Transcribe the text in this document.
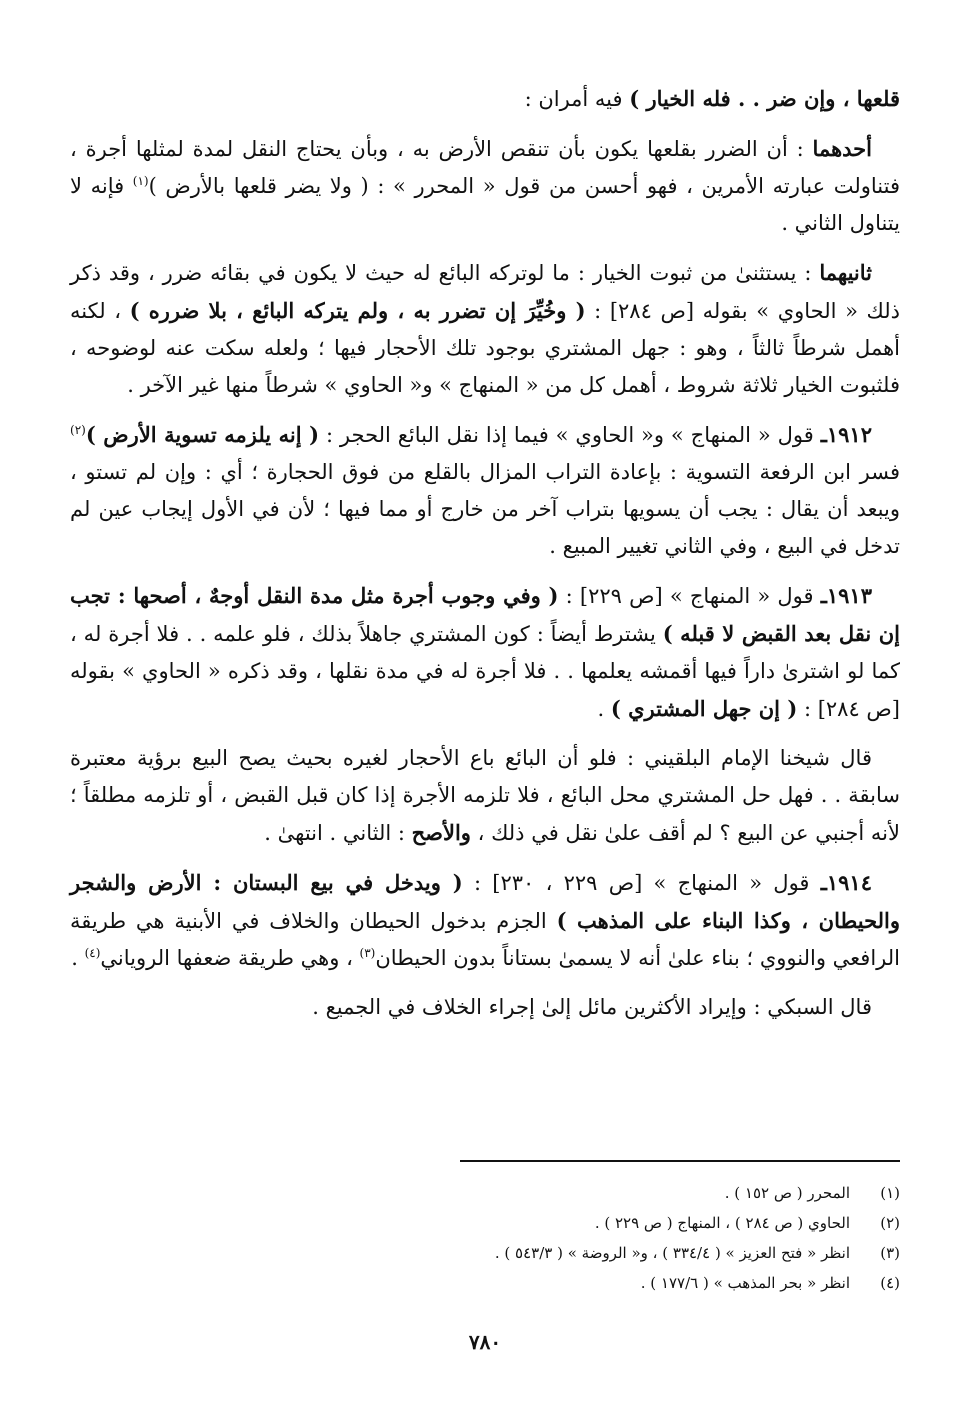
قلعها ، وإن ضر . . فله الخيار ) فيه أمران :

أحدهما : أن الضرر بقلعها يكون بأن تنقص الأرض به ، وبأن يحتاج النقل لمدة لمثلها أجرة ، فتناولت عبارته الأمرين ، فهو أحسن من قول « المحرر » : ( ولا يضر قلعها بالأرض )$^{(١)}$ فإنه لا يتناول الثاني .

ثانيهما : يستثنىٰ من ثبوت الخيار : ما لوتركه البائع له حيث لا يكون في بقائه ضرر ، وقد ذكر ذلك « الحاوي » بقوله [ص ٢٨٤] : ( وخُيِّرَ إن تضرر به ، ولم يتركه البائع ، بلا ضرره ) ، لكنه أهمل شرطاً ثالثاً ، وهو : جهل المشتري بوجود تلك الأحجار فيها ؛ ولعله سكت عنه لوضوحه ، فلثبوت الخيار ثلاثة شروط ، أهمل كل من « المنهاج » و« الحاوي » شرطاً منها غير الآخر .

١٩١٢ـ قول « المنهاج » و« الحاوي » فيما إذا نقل البائع الحجر : ( إنه يلزمه تسوية الأرض )$^{(٢)}$ فسر ابن الرفعة التسوية : بإعادة التراب المزال بالقلع من فوق الحجارة ؛ أي : وإن لم تستو ، ويبعد أن يقال : يجب أن يسويها بتراب آخر من خارج أو مما فيها ؛ لأن في الأول إيجاب عين لم تدخل في البيع ، وفي الثاني تغيير المبيع .

١٩١٣ـ قول « المنهاج » [ص ٢٢٩] : ( وفي وجوب أجرة مثل مدة النقل أوجهٌ ، أصحها : تجب إن نقل بعد القبض لا قبله ) يشترط أيضاً : كون المشتري جاهلاً بذلك ، فلو علمه . . فلا أجرة له ، كما لو اشترىٰ داراً فيها أقمشه يعلمها . . فلا أجرة له في مدة نقلها ، وقد ذكره « الحاوي » بقوله [ص ٢٨٤] : ( إن جهل المشتري ) .

قال شيخنا الإمام البلقيني : فلو أن البائع باع الأحجار لغيره بحيث يصح البيع برؤية معتبرة سابقة . . فهل حل المشتري محل البائع ، فلا تلزمه الأجرة إذا كان قبل القبض ، أو تلزمه مطلقاً ؛ لأنه أجنبي عن البيع ؟ لم أقف علىٰ نقل في ذلك ، والأصح : الثاني . انتهىٰ .

١٩١٤ـ قول « المنهاج » [ص ٢٢٩ ، ٢٣٠] : ( ويدخل في بيع البستان : الأرض والشجر والحيطان ، وكذا البناء على المذهب ) الجزم بدخول الحيطان والخلاف في الأبنية هي طريقة الرافعي والنووي ؛ بناء علىٰ أنه لا يسمىٰ بستاناً بدون الحيطان$^{(٣)}$ ، وهي طريقة ضعفها الروياني$^{(٤)}$ .

قال السبكي : وإيراد الأكثرين مائل إلىٰ إجراء الخلاف في الجميع .

(١)
المحرر ( ص ١٥٢ ) .
(٢)
الحاوي ( ص ٢٨٤ ) ، المنهاج ( ص ٢٢٩ ) .
(٣)
انظر « فتح العزيز » ( ٣٣٤/٤ ) ، و« الروضة » ( ٥٤٣/٣ ) .
(٤)
انظر « بحر المذهب » ( ١٧٧/٦ ) .
٧٨٠
